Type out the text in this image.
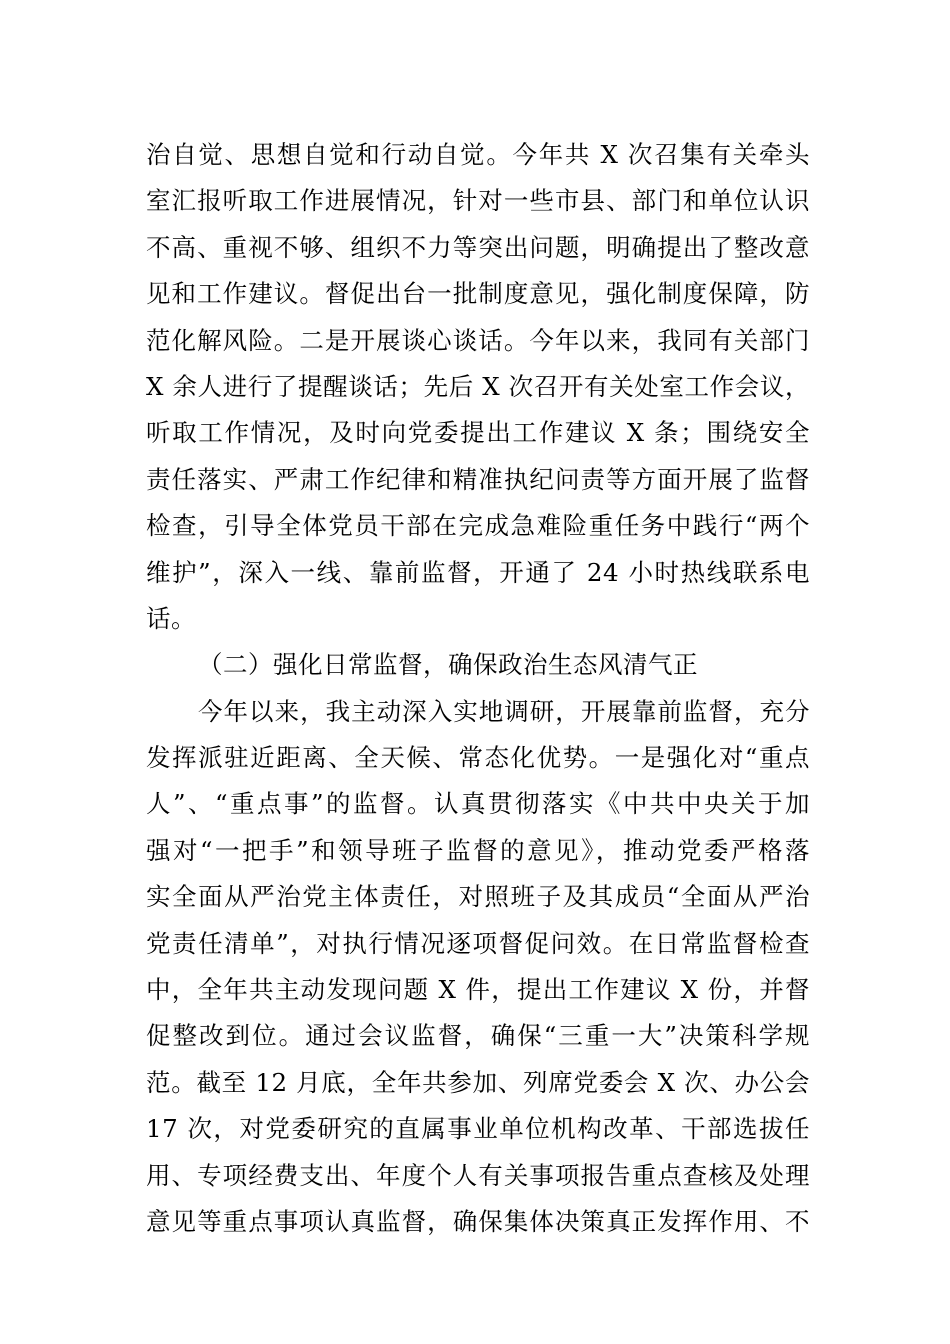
治自觉、思想自觉和行动自觉。今年共 X 次召集有关牵头
室汇报听取工作进展情况，针对一些市县、部门和单位认识
不高、重视不够、组织不力等突出问题，明确提出了整改意
见和工作建议。督促出台一批制度意见，强化制度保障，防
范化解风险。二是开展谈心谈话。今年以来，我同有关部门
X 余人进行了提醒谈话；先后 X 次召开有关处室工作会议，
听取工作情况，及时向党委提出工作建议 X 条；围绕安全
责任落实、严肃工作纪律和精准执纪问责等方面开展了监督
检查，引导全体党员干部在完成急难险重任务中践行“两个
维护”，深入一线、靠前监督，开通了 24 小时热线联系电
话。
（二）强化日常监督，确保政治生态风清气正
今年以来，我主动深入实地调研，开展靠前监督，充分
发挥派驻近距离、全天候、常态化优势。一是强化对“重点
人”、“重点事”的监督。认真贯彻落实《中共中央关于加
强对“一把手”和领导班子监督的意见》，推动党委严格落
实全面从严治党主体责任，对照班子及其成员“全面从严治
党责任清单”，对执行情况逐项督促问效。在日常监督检查
中，全年共主动发现问题 X 件，提出工作建议 X 份，并督
促整改到位。通过会议监督，确保“三重一大”决策科学规
范。截至 12 月底，全年共参加、列席党委会 X 次、办公会
17 次，对党委研究的直属事业单位机构改革、干部选拔任
用、专项经费支出、年度个人有关事项报告重点查核及处理
意见等重点事项认真监督，确保集体决策真正发挥作用、不
